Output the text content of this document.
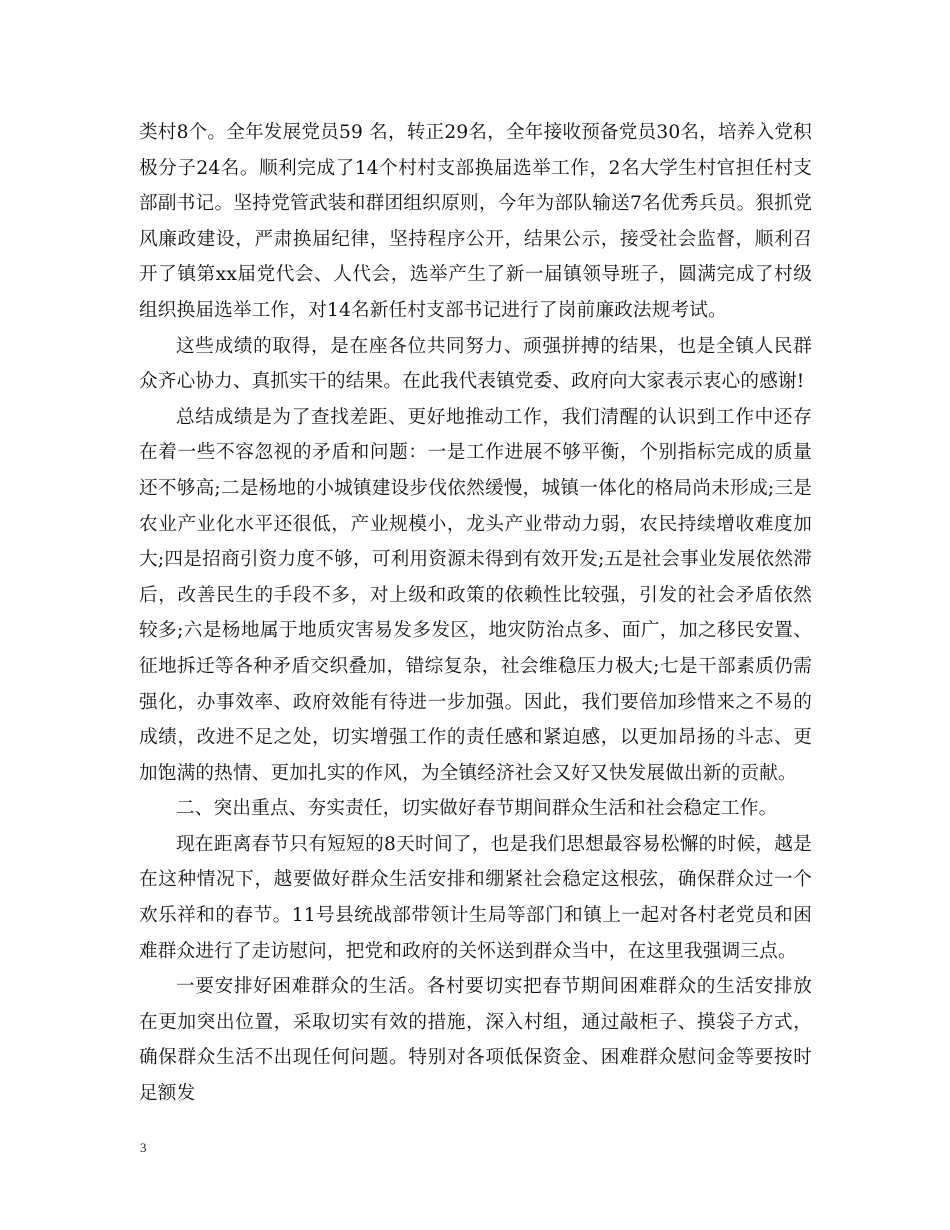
类村8个。全年发展党员59 名，转正29名，全年接收预备党员30名，培养入党积极分子24名。顺利完成了14个村村支部换届选举工作，2名大学生村官担任村支部副书记。坚持党管武装和群团组织原则，今年为部队输送7名优秀兵员。狠抓党风廉政建设，严肃换届纪律，坚持程序公开，结果公示，接受社会监督，顺利召开了镇第xx届党代会、人代会，选举产生了新一届镇领导班子，圆满完成了村级组织换届选举工作，对14名新任村支部书记进行了岗前廉政法规考试。

这些成绩的取得，是在座各位共同努力、顽强拼搏的结果，也是全镇人民群众齐心协力、真抓实干的结果。在此我代表镇党委、政府向大家表示衷心的感谢!

总结成绩是为了查找差距、更好地推动工作，我们清醒的认识到工作中还存在着一些不容忽视的矛盾和问题：一是工作进展不够平衡，个别指标完成的质量还不够高;二是杨地的小城镇建设步伐依然缓慢，城镇一体化的格局尚未形成;三是农业产业化水平还很低，产业规模小，龙头产业带动力弱，农民持续增收难度加大;四是招商引资力度不够，可利用资源未得到有效开发;五是社会事业发展依然滞后，改善民生的手段不多，对上级和政策的依赖性比较强，引发的社会矛盾依然较多;六是杨地属于地质灾害易发多发区，地灾防治点多、面广，加之移民安置、征地拆迁等各种矛盾交织叠加，错综复杂，社会维稳压力极大;七是干部素质仍需强化，办事效率、政府效能有待进一步加强。因此，我们要倍加珍惜来之不易的成绩，改进不足之处，切实增强工作的责任感和紧迫感，以更加昂扬的斗志、更加饱满的热情、更加扎实的作风，为全镇经济社会又好又快发展做出新的贡献。

二、突出重点、夯实责任，切实做好春节期间群众生活和社会稳定工作。

现在距离春节只有短短的8天时间了，也是我们思想最容易松懈的时候，越是在这种情况下，越要做好群众生活安排和绷紧社会稳定这根弦，确保群众过一个欢乐祥和的春节。11号县统战部带领计生局等部门和镇上一起对各村老党员和困难群众进行了走访慰问，把党和政府的关怀送到群众当中，在这里我强调三点。

一要安排好困难群众的生活。各村要切实把春节期间困难群众的生活安排放在更加突出位置，采取切实有效的措施，深入村组，通过敲柜子、摸袋子方式，确保群众生活不出现任何问题。特别对各项低保资金、困难群众慰问金等要按时足额发

3
